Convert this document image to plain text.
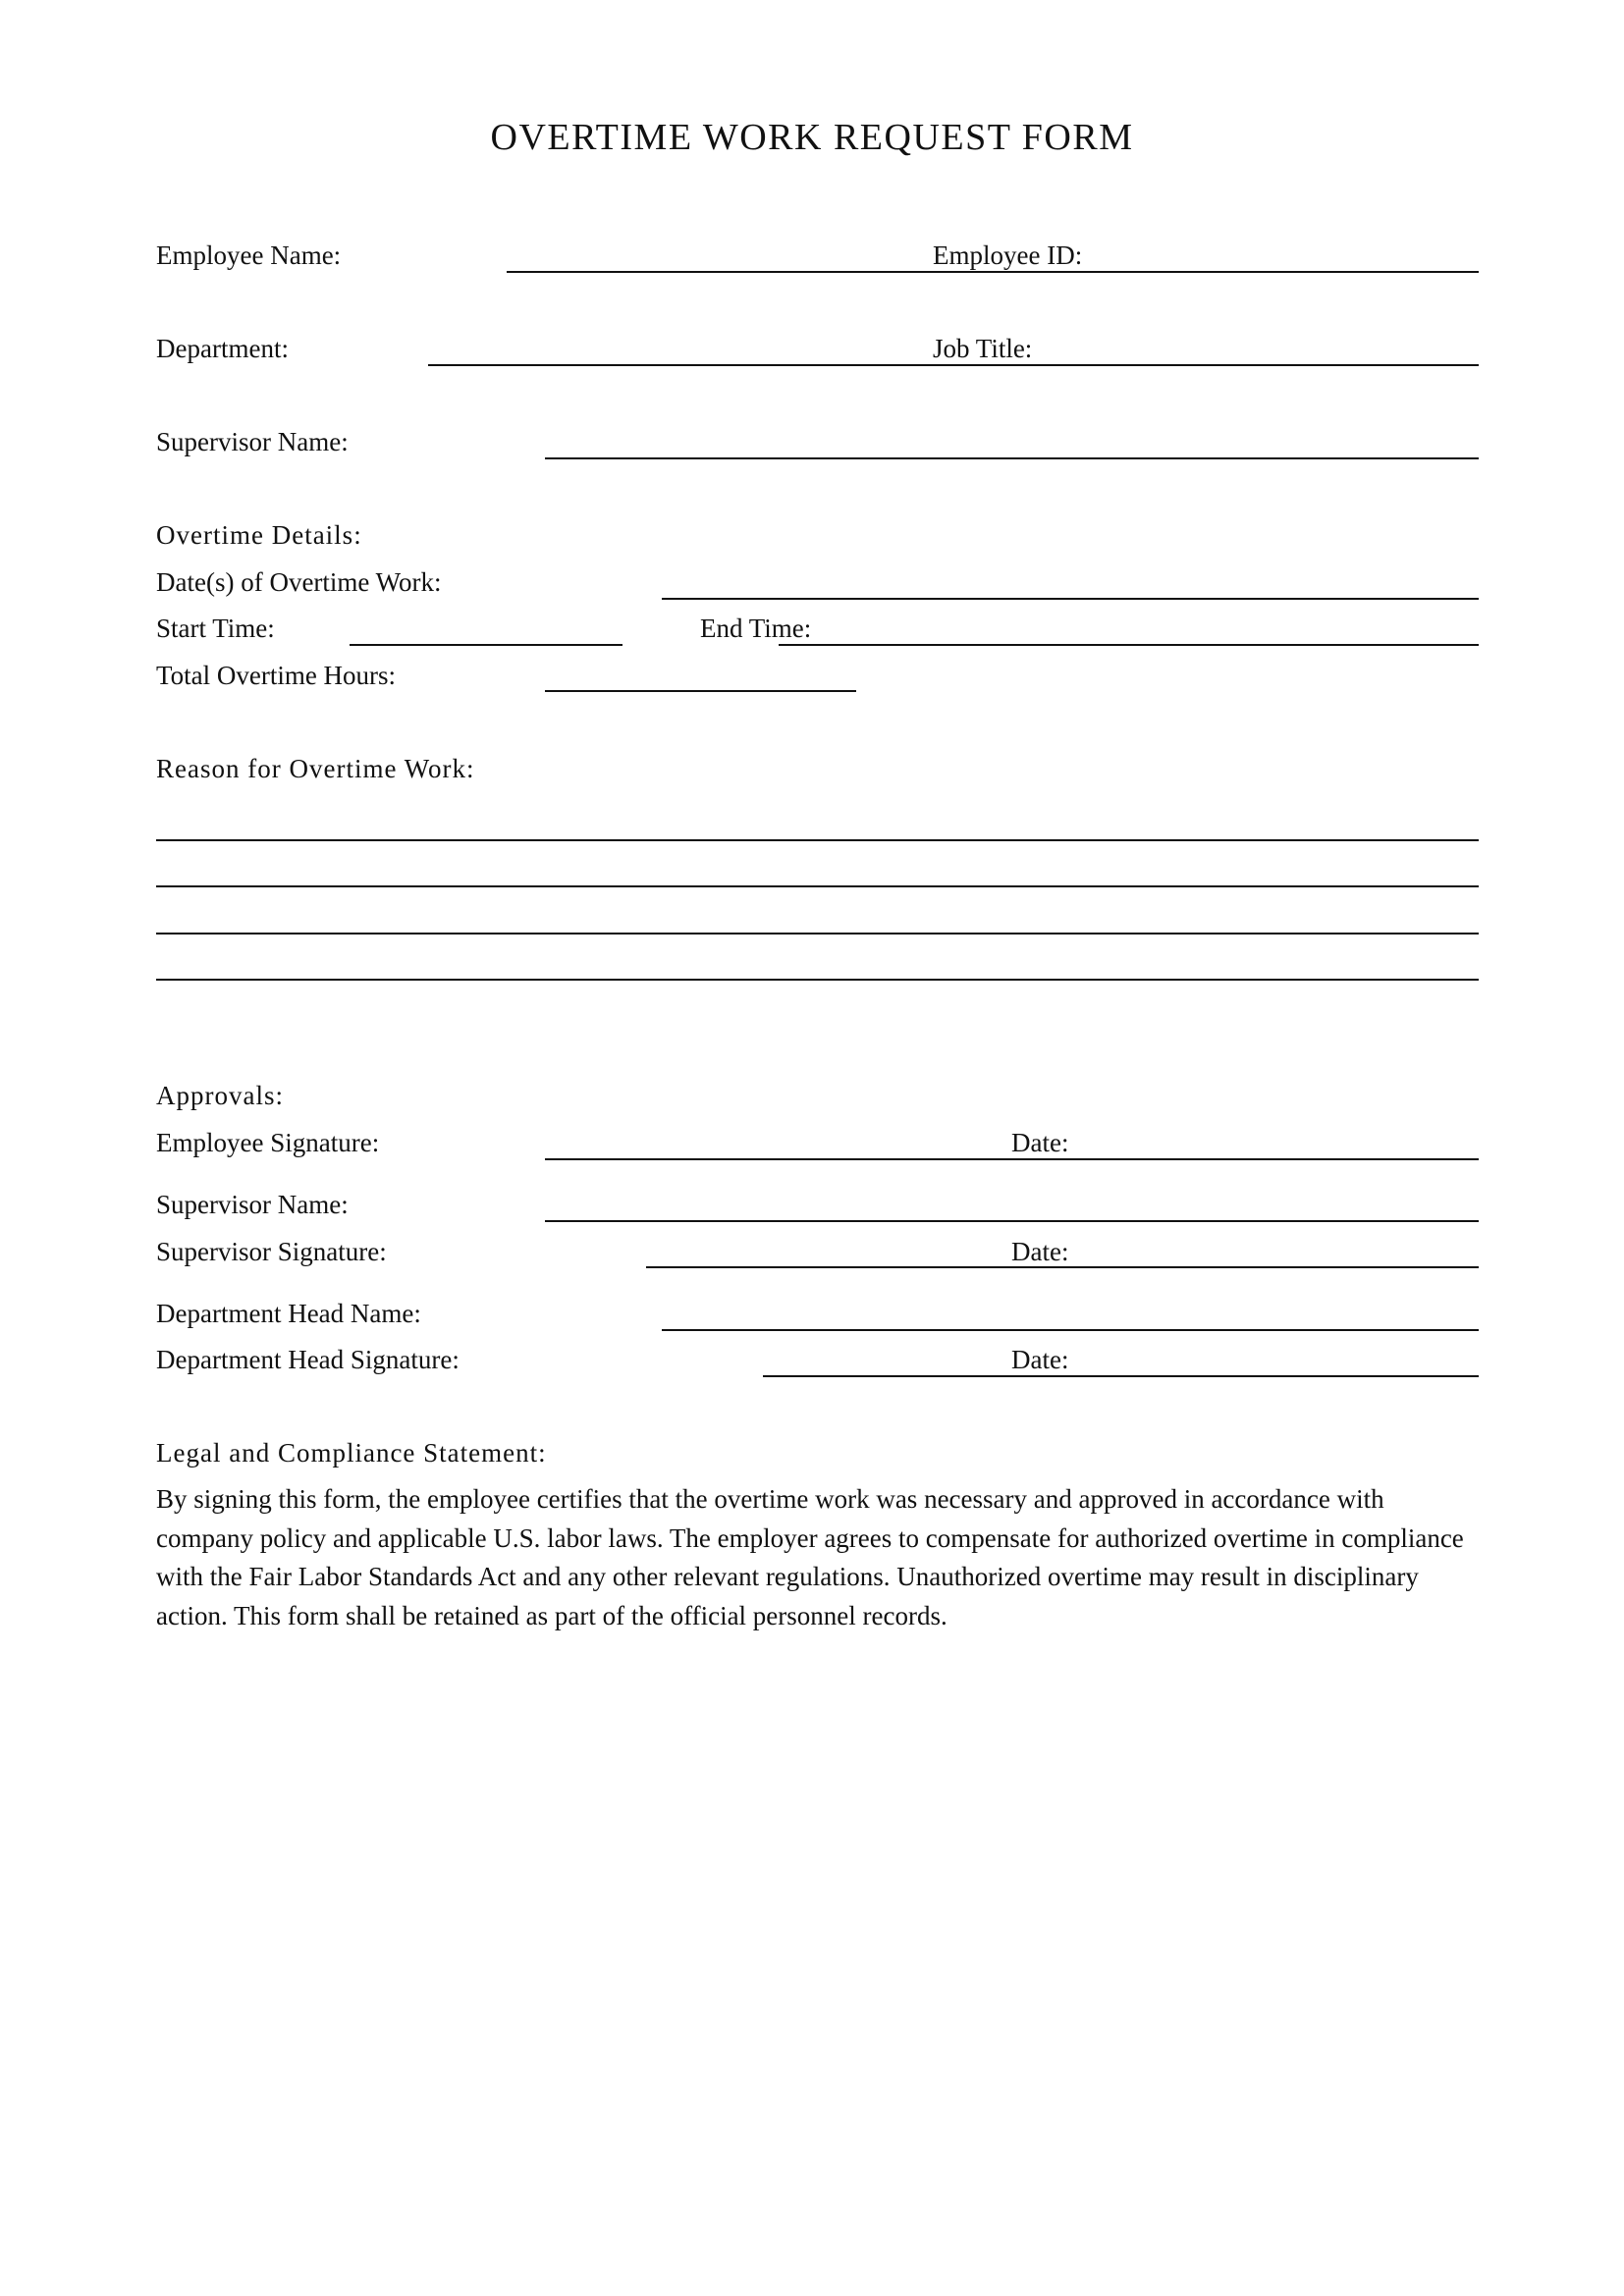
OVERTIME WORK REQUEST FORM
Employee Name:	Employee ID:
Department:	Job Title:
Supervisor Name:
Overtime Details:
Date(s) of Overtime Work:
Start Time:	End Time:
Total Overtime Hours:
Reason for Overtime Work:
Approvals:
Employee Signature:	Date:
Supervisor Name:
Supervisor Signature:	Date:
Department Head Name:
Department Head Signature:	Date:
Legal and Compliance Statement:
By signing this form, the employee certifies that the overtime work was necessary and approved in accordance with company policy and applicable U.S. labor laws. The employer agrees to compensate for authorized overtime in compliance with the Fair Labor Standards Act and any other relevant regulations. Unauthorized overtime may result in disciplinary action. This form shall be retained as part of the official personnel records.
